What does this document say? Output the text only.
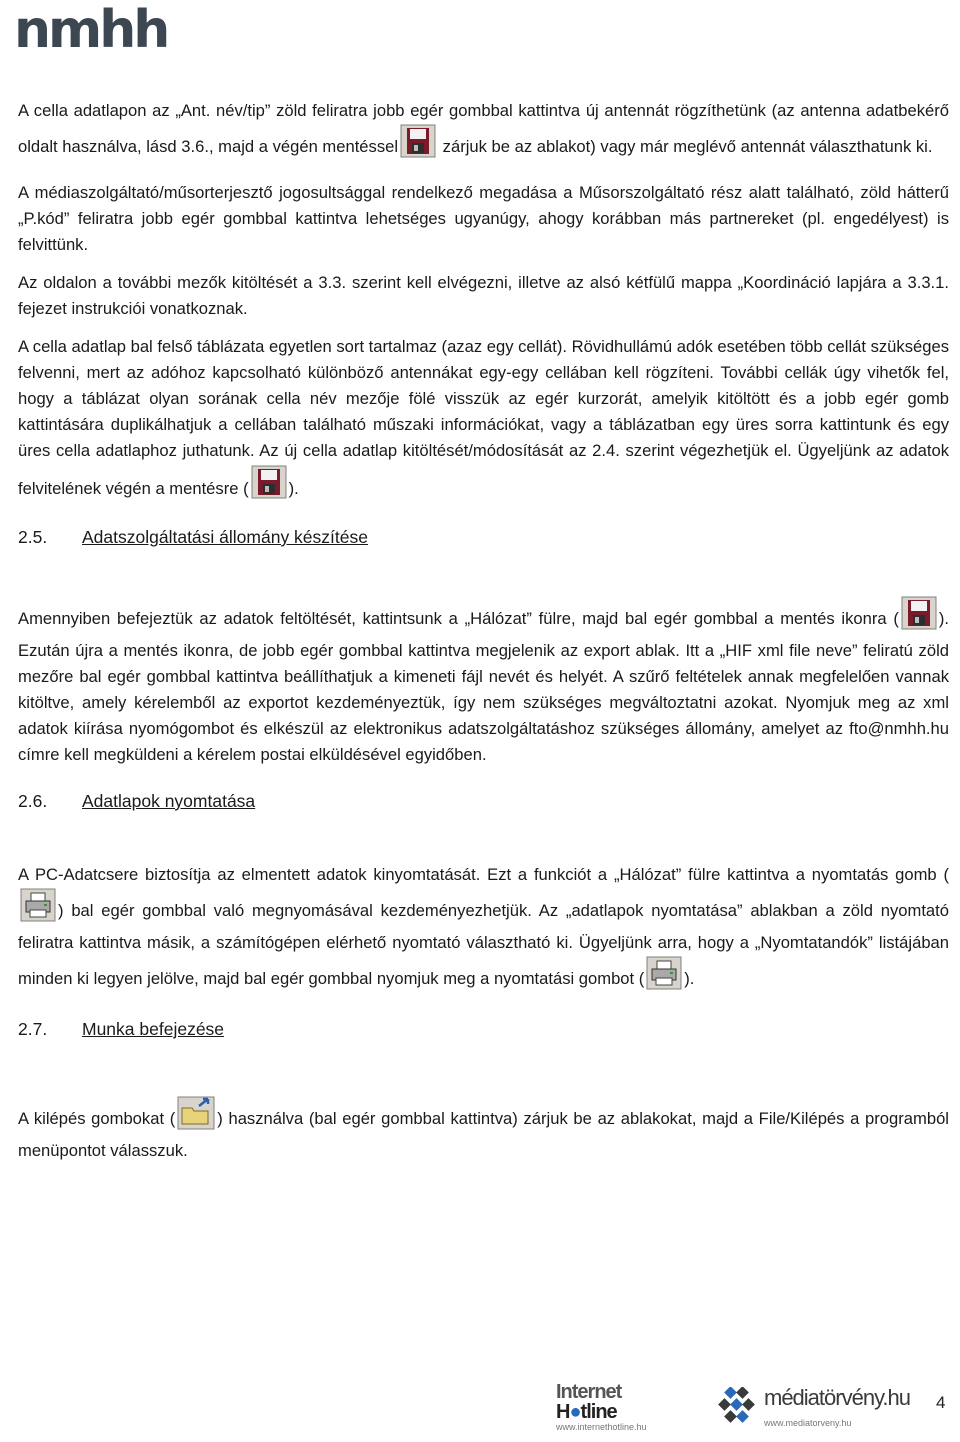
nmhh

A cella adatlapon az „Ant. név/tip” zöld feliratra jobb egér gombbal kattintva új antennát rögzíthetünk (az antenna adatbekérő oldalt használva, lásd 3.6., majd a végén mentéssel	zárjuk be az ablakot) vagy már meglévő antennát választhatunk ki.

A médiaszolgáltató/műsorterjesztő jogosultsággal rendelkező megadása a Műsorszolgáltató rész alatt található, zöld hátterű „P.kód” feliratra jobb egér gombbal kattintva lehetséges ugyanúgy, ahogy korábban más partnereket (pl. engedélyest) is felvittünk.

Az oldalon a további mezők kitöltését a 3.3. szerint kell elvégezni, illetve az alsó kétfülű mappa „Koordináció lapjára a 3.3.1. fejezet instrukciói vonatkoznak.

A cella adatlap bal felső táblázata egyetlen sort tartalmaz (azaz egy cellát). Rövidhullámú adók esetében több cellát szükséges felvenni, mert az adóhoz kapcsolható különböző antennákat egy-egy cellában kell rögzíteni. További cellák úgy vihetők fel, hogy a táblázat olyan sorának cella név mezője fölé visszük az egér kurzorát, amelyik kitöltött és a jobb egér gomb kattintására duplikálhatjuk a cellában található műszaki információkat, vagy a táblázatban egy üres sorra kattintunk és egy üres cella adatlaphoz juthatunk. Az új cella adatlap kitöltését/módosítását az 2.4. szerint végezhetjük el. Ügyeljünk az adatok felvitelének végén a mentésre ( ).

2.5.	Adatszolgáltatási állomány készítése

Amennyiben befejeztük az adatok feltöltését, kattintsunk a „Hálózat” fülre, majd bal egér gombbal a mentés ikonra ( ). Ezután újra a mentés ikonra, de jobb egér gombbal kattintva megjelenik az export ablak. Itt a „HIF xml file neve” feliratú zöld mezőre bal egér gombbal kattintva beállíthatjuk a kimeneti fájl nevét és helyét. A szűrő feltételek annak megfelelően vannak kitöltve, amely kérelemből az exportot kezdeményeztük, így nem szükséges megváltoztatni azokat. Nyomjuk meg az xml adatok kiírása nyomógombot és elkészül az elektronikus adatszolgáltatáshoz szükséges állomány, amelyet az fto@nmhh.hu címre kell megküldeni a kérelem postai elküldésével egyidőben.

2.6.	Adatlapok nyomtatása

A PC-Adatcsere biztosítja az elmentett adatok kinyomtatását. Ezt a funkciót a „Hálózat” fülre kattintva a nyomtatás gomb () bal egér gombbal való megnyomásával kezdeményezhetjük. Az „adatlapok nyomtatása” ablakban a zöld nyomtató feliratra kattintva másik, a számítógépen elérhető nyomtató választható ki. Ügyeljünk arra, hogy a „Nyomtatandók” listájában minden ki legyen jelölve, majd bal egér gombbal nyomjuk meg a nyomtatási gombot ( ).

2.7.	Munka befejezése

A kilépés gombokat (	) használva (bal egér gombbal kattintva) zárjuk be az ablakokat, majd a File/Kilépés a programból menüpontot válasszuk.

Internet
H●tline
www.internethotline.hu
médiatörvény.hu
www.mediatorveny.hu
4
